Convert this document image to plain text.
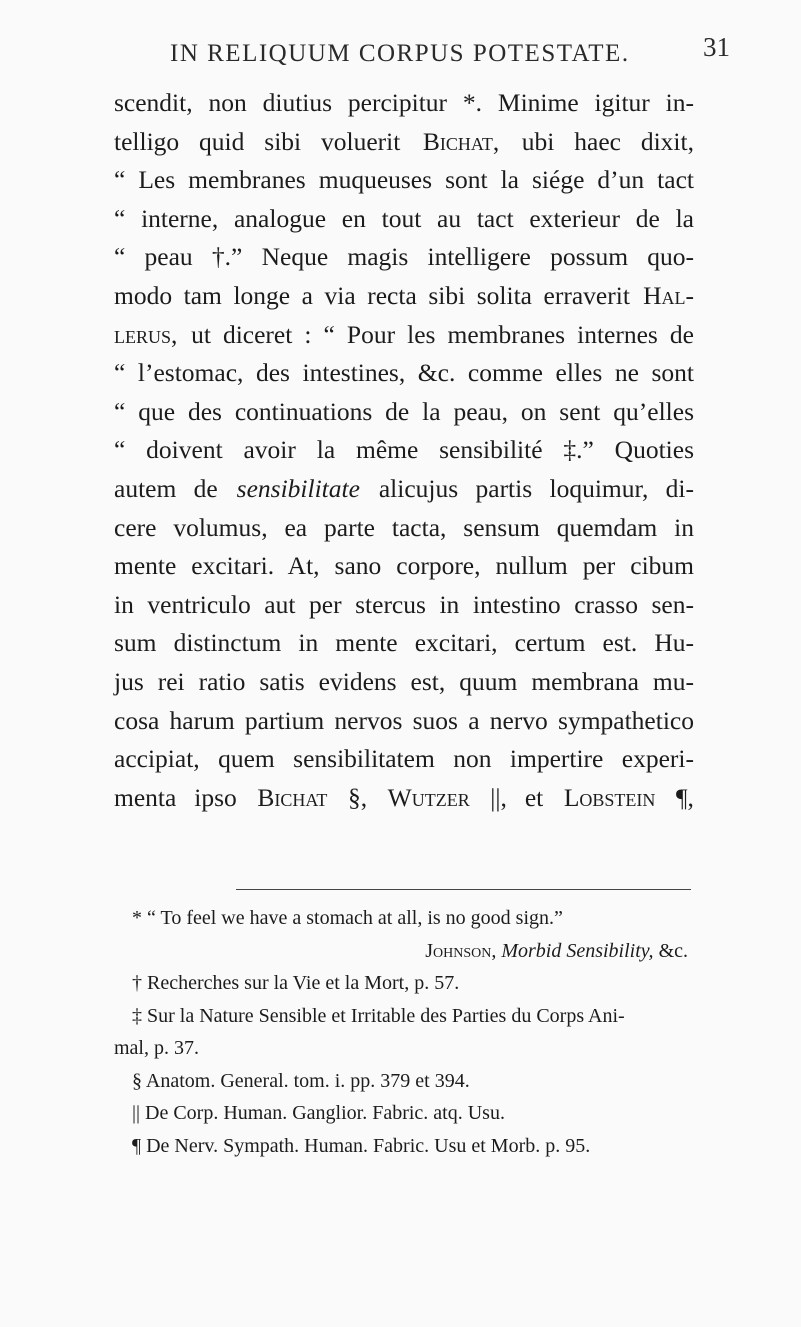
IN RELIQUUM CORPUS POTESTATE.	31
scendit, non diutius percipitur *. Minime igitur in-
telligo quid sibi voluerit Bichat, ubi haec dixit,
“ Les membranes muqueuses sont la siége d’un tact
“ interne, analogue en tout au tact exterieur de la
“ peau †.” Neque magis intelligere possum quo-
modo tam longe a via recta sibi solita erraverit Hal-
lerus, ut diceret : “ Pour les membranes internes de
“ l’estomac, des intestines, &c. comme elles ne sont
“ que des continuations de la peau, on sent qu’elles
“ doivent avoir la même sensibilité ‡.” Quoties
autem de sensibilitate alicujus partis loquimur, di-
cere volumus, ea parte tacta, sensum quemdam in
mente excitari. At, sano corpore, nullum per cibum
in ventriculo aut per stercus in intestino crasso sen-
sum distinctum in mente excitari, certum est. Hu-
jus rei ratio satis evidens est, quum membrana mu-
cosa harum partium nervos suos a nervo sympathetico
accipiat, quem sensibilitatem non impertire experi-
menta ipso Bichat §, Wutzer ||, et Lobstein ¶,
* “ To feel we have a stomach at all, is no good sign.”
Johnson, Morbid Sensibility, &c.
† Recherches sur la Vie et la Mort, p. 57.
‡ Sur la Nature Sensible et Irritable des Parties du Corps Ani-
mal, p. 37.
§ Anatom. General. tom. i. pp. 379 et 394.
|| De Corp. Human. Ganglior. Fabric. atq. Usu.
¶ De Nerv. Sympath. Human. Fabric. Usu et Morb. p. 95.
